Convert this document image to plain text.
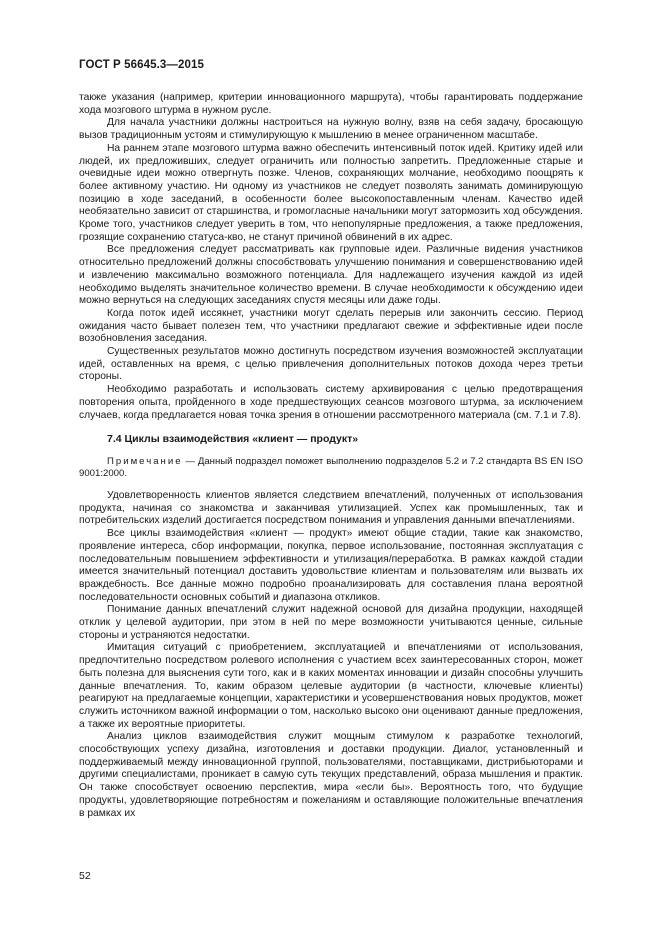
ГОСТ Р 56645.3—2015

также указания (например, критерии инновационного маршрута), чтобы гарантировать поддержание хода мозгового штурма в нужном русле.

Для начала участники должны настроиться на нужную волну, взяв на себя задачу, бросающую вызов традиционным устоям и стимулирующую к мышлению в менее ограниченном масштабе.

На раннем этапе мозгового штурма важно обеспечить интенсивный поток идей. Критику идей или людей, их предложивших, следует ограничить или полностью запретить. Предложенные старые и очевидные идеи можно отвергнуть позже. Членов, сохраняющих молчание, необходимо поощрять к более активному участию. Ни одному из участников не следует позволять занимать доминирующую позицию в ходе заседаний, в особенности более высокопоставленным членам. Качество идей необязательно зависит от старшинства, и громогласные начальники могут затормозить ход обсуждения. Кроме того, участников следует уверить в том, что непопулярные предложения, а также предложения, грозящие сохранению статуса-кво, не станут причиной обвинений в их адрес.

Все предложения следует рассматривать как групповые идеи. Различные видения участников относительно предложений должны способствовать улучшению понимания и совершенствованию идей и извлечению максимально возможного потенциала. Для надлежащего изучения каждой из идей необходимо выделять значительное количество времени. В случае необходимости к обсуждению идеи можно вернуться на следующих заседаниях спустя месяцы или даже годы.

Когда поток идей иссякнет, участники могут сделать перерыв или закончить сессию. Период ожидания часто бывает полезен тем, что участники предлагают свежие и эффективные идеи после возобновления заседания.

Существенных результатов можно достигнуть посредством изучения возможностей эксплуатации идей, оставленных на время, с целью привлечения дополнительных потоков дохода через третьи стороны.

Необходимо разработать и использовать систему архивирования с целью предотвращения повторения опыта, пройденного в ходе предшествующих сеансов мозгового штурма, за исключением случаев, когда предлагается новая точка зрения в отношении рассмотренного материала (см. 7.1 и 7.8).

7.4 Циклы взаимодействия «клиент — продукт»

Примечание — Данный подраздел поможет выполнению подразделов 5.2 и 7.2 стандарта BS EN ISO 9001:2000.

Удовлетворенность клиентов является следствием впечатлений, полученных от использования продукта, начиная со знакомства и заканчивая утилизацией. Успех как промышленных, так и потребительских изделий достигается посредством понимания и управления данными впечатлениями.

Все циклы взаимодействия «клиент — продукт» имеют общие стадии, такие как знакомство, проявление интереса, сбор информации, покупка, первое использование, постоянная эксплуатация с последовательным повышением эффективности и утилизация/переработка. В рамках каждой стадии имеется значительный потенциал доставить удовольствие клиентам и пользователям или вызвать их враждебность. Все данные можно подробно проанализировать для составления плана вероятной последовательности основных событий и диапазона откликов.

Понимание данных впечатлений служит надежной основой для дизайна продукции, находящей отклик у целевой аудитории, при этом в ней по мере возможности учитываются ценные, сильные стороны и устраняются недостатки.

Имитация ситуаций с приобретением, эксплуатацией и впечатлениями от использования, предпочтительно посредством ролевого исполнения с участием всех заинтересованных сторон, может быть полезна для выяснения сути того, как и в каких моментах инновации и дизайн способны улучшить данные впечатления. То, каким образом целевые аудитории (в частности, ключевые клиенты) реагируют на предлагаемые концепции, характеристики и усовершенствования новых продуктов, может служить источником важной информации о том, насколько высоко они оценивают данные предложения, а также их вероятные приоритеты.

Анализ циклов взаимодействия служит мощным стимулом к разработке технологий, способствующих успеху дизайна, изготовления и доставки продукции. Диалог, установленный и поддерживаемый между инновационной группой, пользователями, поставщиками, дистрибьюторами и другими специалистами, проникает в самую суть текущих представлений, образа мышления и практик. Он также способствует освоению перспектив, мира «если бы». Вероятность того, что будущие продукты, удовлетворяющие потребностям и пожеланиям и оставляющие положительные впечатления в рамках их

52
